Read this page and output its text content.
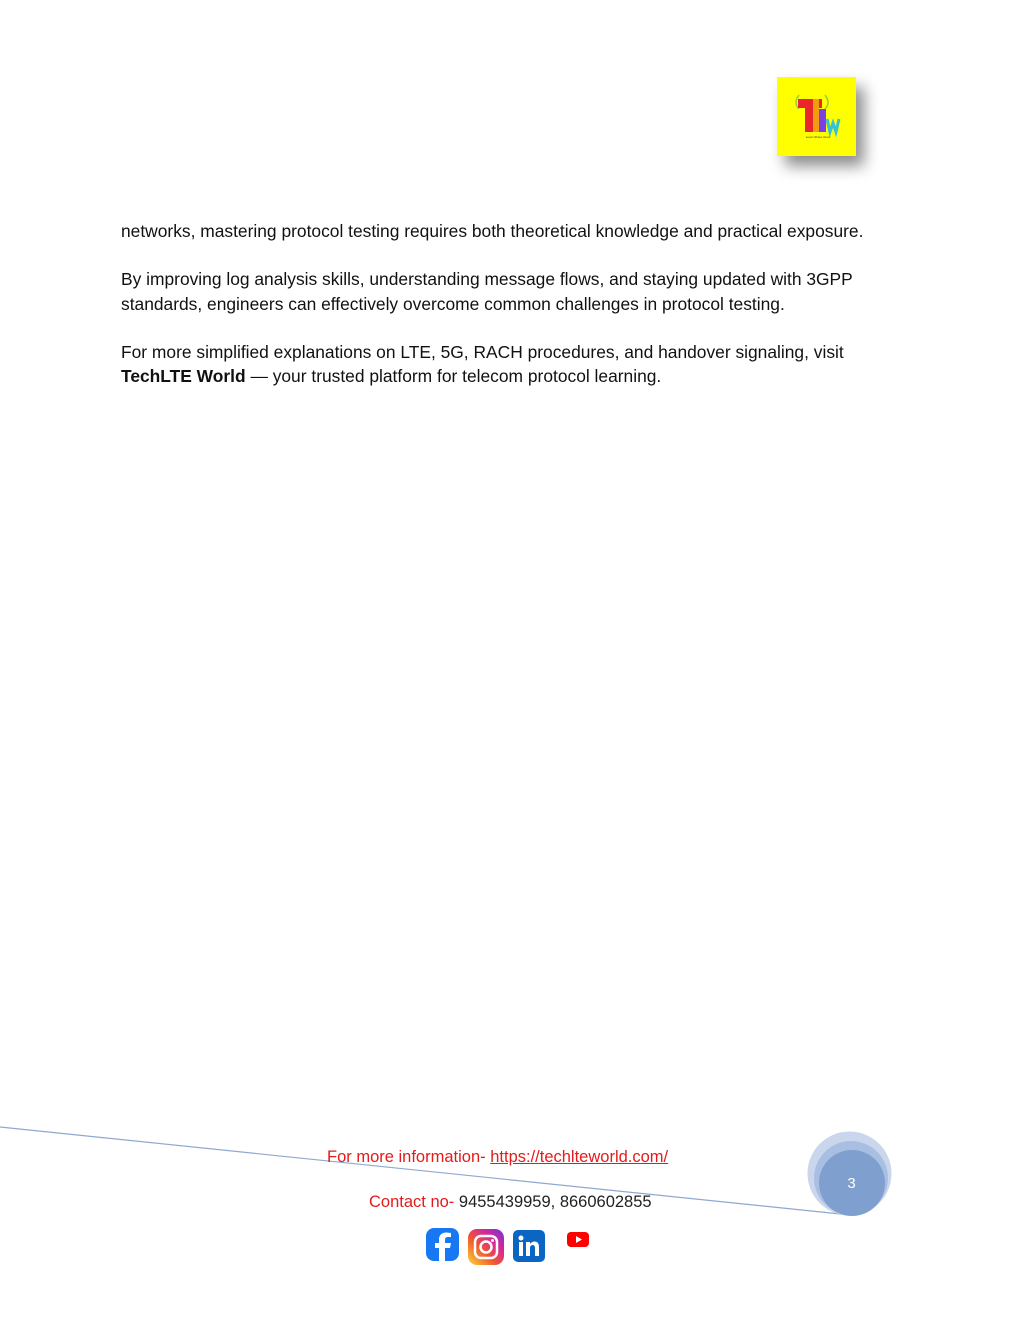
Learn Share Grow

networks, mastering protocol testing requires both theoretical knowledge and practical exposure.

By improving log analysis skills, understanding message flows, and staying updated with 3GPP standards, engineers can effectively overcome common challenges in protocol testing.

For more simplified explanations on LTE, 5G, RACH procedures, and handover signaling, visit TechLTE World — your trusted platform for telecom protocol learning.

For more information- https://techlteworld.com/
Contact no- 9455439959, 8660602855
3
